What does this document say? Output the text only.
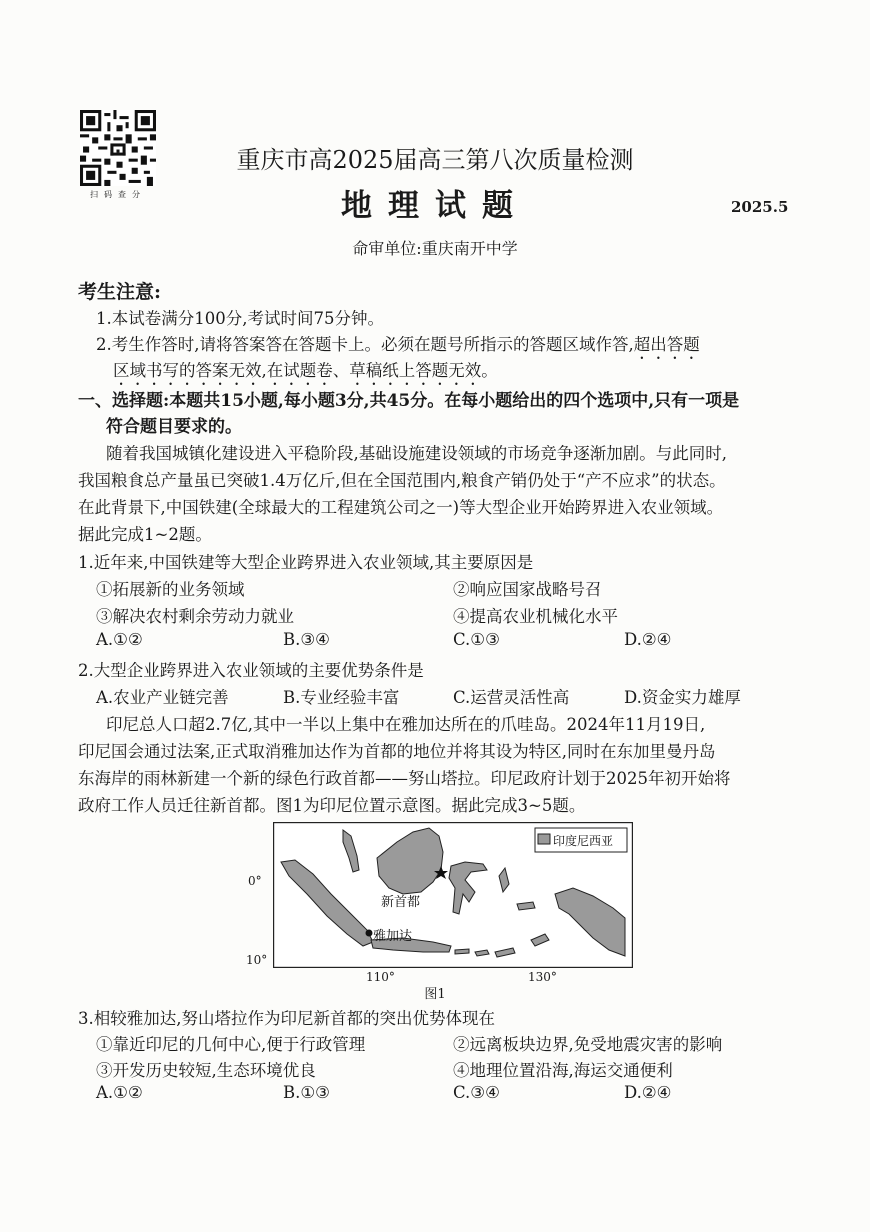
扫码查分
重庆市高2025届高三第八次质量检测
地理试题	2025.5
命审单位:重庆南开中学
考生注意:
1.本试卷满分100分,考试时间75分钟。
2.考生作答时,请将答案答在答题卡上。必须在题号所指示的答题区域作答,超出答题
区域书写的答案无效,在试题卷、草稿纸上答题无效。
一、选择题:本题共15小题,每小题3分,共45分。在每小题给出的四个选项中,只有一项是
符合题目要求的。
随着我国城镇化建设进入平稳阶段,基础设施建设领域的市场竞争逐渐加剧。与此同时,
我国粮食总产量虽已突破1.4万亿斤,但在全国范围内,粮食产销仍处于“产不应求”的状态。
在此背景下,中国铁建(全球最大的工程建筑公司之一)等大型企业开始跨界进入农业领域。
据此完成1~2题。
1.近年来,中国铁建等大型企业跨界进入农业领域,其主要原因是
①拓展新的业务领域	②响应国家战略号召
③解决农村剩余劳动力就业	④提高农业机械化水平
A.①②	B.③④	C.①③	D.②④
2.大型企业跨界进入农业领域的主要优势条件是
A.农业产业链完善	B.专业经验丰富	C.运营灵活性高	D.资金实力雄厚
印尼总人口超2.7亿,其中一半以上集中在雅加达所在的爪哇岛。2024年11月19日,
印尼国会通过法案,正式取消雅加达作为首都的地位并将其设为特区,同时在东加里曼丹岛
东海岸的雨林新建一个新的绿色行政首都——努山塔拉。印尼政府计划于2025年初开始将
政府工作人员迁往新首都。图1为印尼位置示意图。据此完成3~5题。
0°
10°
印度尼西亚
新首都
雅加达
110°	130°
图1
3.相较雅加达,努山塔拉作为印尼新首都的突出优势体现在
①靠近印尼的几何中心,便于行政管理	②远离板块边界,免受地震灾害的影响
③开发历史较短,生态环境优良	④地理位置沿海,海运交通便利
A.①②	B.①③	C.③④	D.②④
